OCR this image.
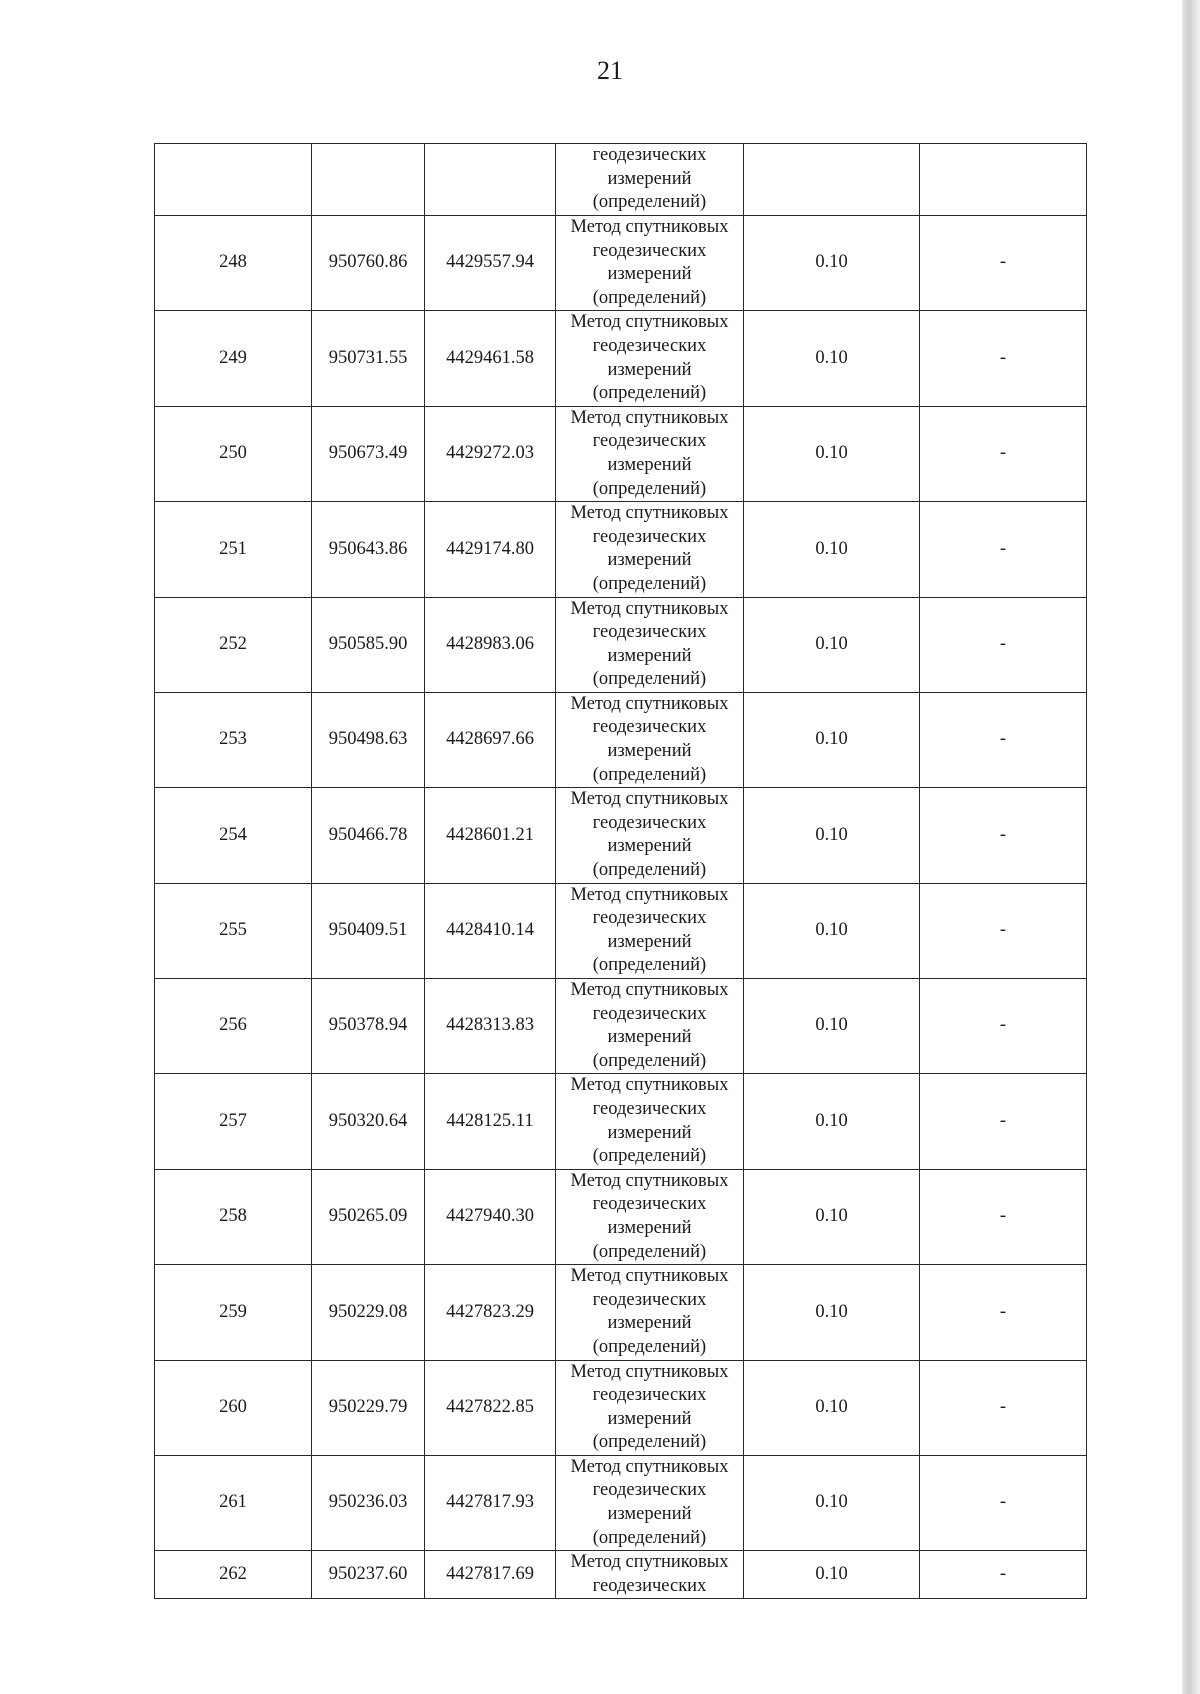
21

			геодезических
измерений
(определений)		

248	950760.86	4429557.94	Метод спутниковых
геодезических
измерений
(определений)	0.10	-
249	950731.55	4429461.58	Метод спутниковых
геодезических
измерений
(определений)	0.10	-
250	950673.49	4429272.03	Метод спутниковых
геодезических
измерений
(определений)	0.10	-
251	950643.86	4429174.80	Метод спутниковых
геодезических
измерений
(определений)	0.10	-
252	950585.90	4428983.06	Метод спутниковых
геодезических
измерений
(определений)	0.10	-
253	950498.63	4428697.66	Метод спутниковых
геодезических
измерений
(определений)	0.10	-
254	950466.78	4428601.21	Метод спутниковых
геодезических
измерений
(определений)	0.10	-
255	950409.51	4428410.14	Метод спутниковых
геодезических
измерений
(определений)	0.10	-
256	950378.94	4428313.83	Метод спутниковых
геодезических
измерений
(определений)	0.10	-
257	950320.64	4428125.11	Метод спутниковых
геодезических
измерений
(определений)	0.10	-
258	950265.09	4427940.30	Метод спутниковых
геодезических
измерений
(определений)	0.10	-
259	950229.08	4427823.29	Метод спутниковых
геодезических
измерений
(определений)	0.10	-
260	950229.79	4427822.85	Метод спутниковых
геодезических
измерений
(определений)	0.10	-
261	950236.03	4427817.93	Метод спутниковых
геодезических
измерений
(определений)	0.10	-
262	950237.60	4427817.69	Метод спутниковых
геодезических	0.10	-
